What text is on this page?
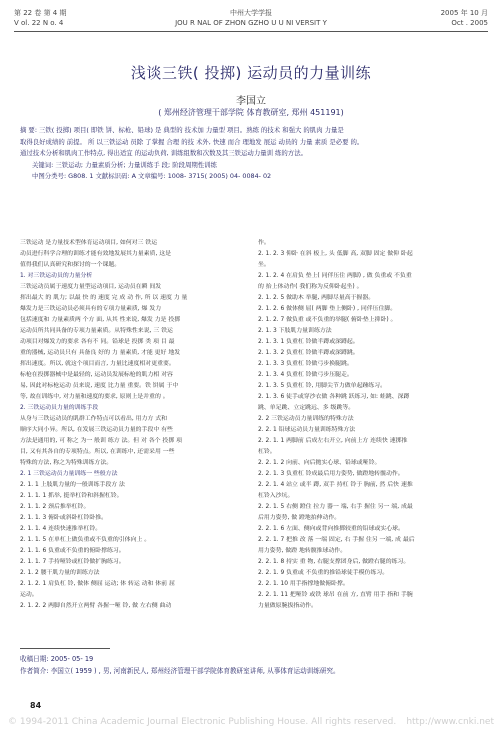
第 22 卷 第 4 期
V ol. 22 N o. 4
中州大学学报
JOU R NAL OF ZHON GZHO U U NI VERSIT Y
2005 年 10 月
Oct . 2005
浅谈三铁( 投掷) 运动员的力量训练
李国立
( 郑州经济管理干部学院 体育教研室, 郑州 451191)

摘 要: 三铁( 投掷) 项目( 即铁 饼、标枪、铅球) 是 典型的 技术加 力量型 项目。熟练 的技术 和强大 的肌肉 力量是

取得良好成绩的 前提。 所 以三铁运动 员除 了掌握 合理 的技 术外, 快速 而合 理地发 展运 动员的 力量 素质 是必要 的。

通过技术分析和肌肉工作特点, 得出适宜 的运动负荷, 训练组数和次数及其三铁运动力量训 练的方法。

关键词: 三铁运动; 力量素质分析; 力量训练手 段; 阶段周期性训练

中图分类号: G808. 1 文献标识码: A 文章编号: 1008- 3715( 2005) 04- 0084- 02

三铁运动 是力量技术型体育运动项目, 如何对三 铁运

动员进行科学合理的训练才能有效地发展其力量素质, 这是

值得我们认真研究和探讨的一个课题。

1. 对三铁运动员的力量分析

三铁运动员属于速度力量型运动项目, 运动员在瞬 间发

挥出最大 的 肌力; 以最 快 的 速度 完 成 动 作, 所 以 速度 力 量

爆发力是三铁运动员必须具有的专项力量素质, 爆 发力

包括速度和 力量素质两 个方 面, 从其 性来说, 爆发 力是 投掷

运动员所共同具备的专项力量素质。从特殊性来说, 三 铁运

动项目对爆发力的要求 各有不 同。铅球是 投掷 类 项 目 最

重的器械, 运动员只有 具备良 好的 力 量素质, 才能 更好 地发

挥出速度。所以, 就这个项目而言, 力量比速度相对更重要。

标枪在投掷器械中是最轻的, 运动员发展标枪的肌力相 对容

易, 因此对标枪运动 员来说, 速度 比力量 重要。铁 饼属 于中

等, 故在训练中, 对力量和速度的要求, 原则上是并重的 。

2. 三铁运动员力量的训练手段

从身与三铁运动员的肌群工作特点可以看出, 用力方 式和

顺序大同小异。所以, 在发展三铁运动员力量的手段中 有些

方法是通用的, 可 称之 为一 般训 练方 法。但 对 各个 投掷 项

目, 又有其各自的专项特点。所以, 在训练中, 还需采用 一些

特殊的方法, 称之为特殊训练方法。

2. 1 三铁运动员力量训练一 些般方法

2. 1. 1 上肢肌力量的一般训练手段方 法

2. 1. 1. 1 抓举, 挺举杠铃和斜握杠铃。

2. 1. 1. 2 颈后推举杠铃。

2. 1. 1. 3 俯卧或斜卧杠铃卧推。

2. 1. 1. 4 连续快速推举杠铃。

2. 1. 1. 5 在单杠上做负重或不负重的引体向上 。

2. 1. 1. 6 负重或不负重的俯卧撑练习。

2. 1. 1. 7 手持哑铃或杠铃做扩胸练习。

2. 1. 2 腰干肌力量的训练方法

2. 1. 2. 1 肩负杠 铃, 做体 侧屈 运动; 体 转运 动和 体前 屈

运动。

2. 1. 2. 2 两脚自然开立两臂 各握一哑 铃, 做 左右侧 曲动

作。

2. 1. 2. 3 仰卧 在斜 板上, 头 低脚 高, 双脚 固定 做仰 卧起

坐。

2. 1. 2. 4 在肩负 垫上( 同伴压住 两脚) , 做 负重或 不负重

的 抬上体动作( 我们称为反仰卧起坐) 。

2. 1. 2. 5 做助木 举腿, 两脚尽量高于握器。

2. 1. 2. 6 做体侧 屈( 两脚 垫上侧卧) , 同伴压住脚。

2. 1. 2. 7 做负重 或不负重的举腿( 俯卧垫上抑卧) 。

2. 1. 3 下肢肌力量训练方法

2. 1. 3. 1 负重杠 铃做半蹲或深蹲起。

2. 1. 3. 2 负重杠 铃做半蹲或深蹲跳。

2. 1. 3. 3 负重杠 铃做弓步换腿跳。

2. 1. 3. 4 负重杠 铃做弓步压腿走。

2. 1. 3. 5 负重杠 铃, 用脚尖节力做单起踵练习。

2. 1. 3. 6 徒手或穿沙衣做 各种跳 跃练习, 如: 蛙跳、深蹲

跳、单足跳、立定跳远、多 级跳等。

2. 2 三铁运动员力量训练的特殊方法

2. 2. 1 铅球运动员力量训练特殊方法

2. 2. 1. 1 两脚前 后成左右开立, 向前上方 连续快 速掷推

杠铃。

2. 2. 1. 2 向前、向后抛实心球、铅球或哑铃。

2. 2. 1. 3 负重杠 铃成最后用力姿势, 做蹬地转髋动作。

2. 2. 1. 4 站立 或半 蹲, 双手 持杠 铃于 胸前, 然 后快 速推

杠铃入沙坑。

2. 2. 1. 5 右侧 蹬住 拉力 器一 端, 右手 握住 另一 端, 成最

后用力姿势, 做 蹬地拍伸动作。

2. 2. 1. 6 左面、侧向或背向推掷较重的铅球或实心球。

2. 2. 1. 7 把推 改 落 一端 固定, 右 手握 住另 一端, 成 最后

用力姿势, 做蹬 地转髋推球动作。

2. 2. 1. 8 持实 重 物, 右腿支撑团身后, 做蹬右腿的练习。

2. 2. 1. 9 负重或 不负重的推铅球徒手模仿练习。

2. 2. 1. 10 用手指撑地做俯卧撑。

2. 2. 1. 11 把哑铃 或铁 球吊 在前 方, 直臂 用手 指和 手腕

力量做原腕拔指动作。

收稿日期: 2005- 05- 19
作者简介: 李国立( 1959 ) , 男, 河南新民人, 郑州经济管理干部学院体育教研室讲师, 从事体育运动训练研究。
84
© 1994-2011 China Academic Journal Electronic Publishing House. All rights reserved. http://www.cnki.net
